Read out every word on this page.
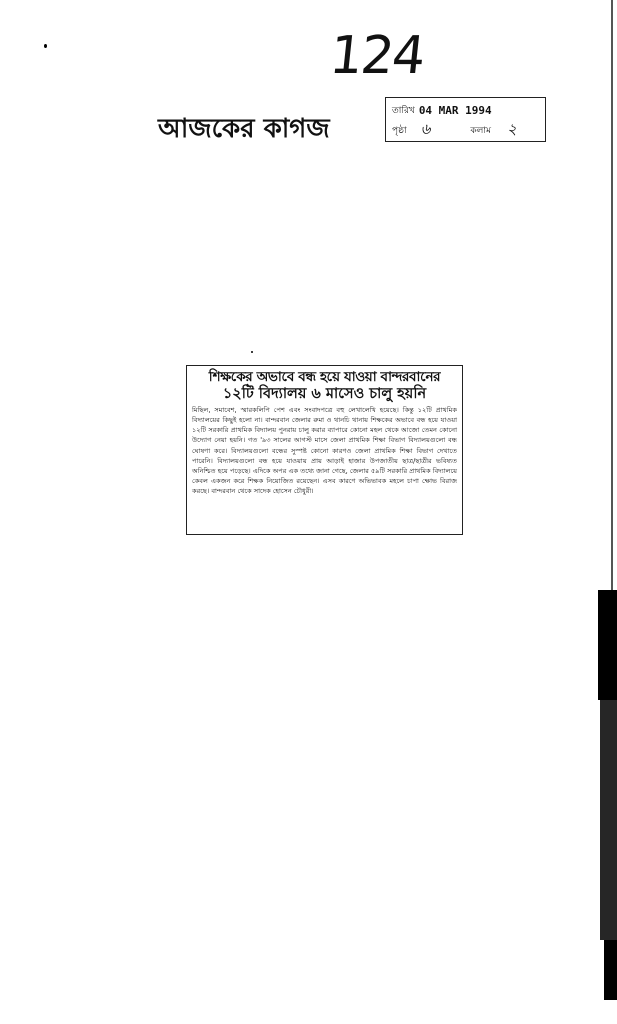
124
আজকের কাগজ
তারিখ 04 MAR 1994
পৃষ্ঠা ৬	কলাম ২
শিক্ষকের অভাবে বন্ধ হয়ে যাওয়া বান্দরবানের
১২টি বিদ্যালয় ৬ মাসেও চালু হয়নি
মিছিল, সমাবেশ, স্মারকলিপি পেশ এবং সংবাদপত্রে বহু লেখালেখি হয়েছে। কিন্তু ১২টি প্রাথমিক বিদ্যালয়ের কিছুই হলো না। বান্দরবান জেলার রুমা ও থানচি থানায় শিক্ষকের অভাবে বন্ধ হয়ে যাওয়া ১২টি সরকারি প্রাথমিক বিদ্যালয় পুনরায় চালু করার ব্যাপারে কোনো মহল থেকে আজো তেমন কোনো উদ্যোগ নেয়া হয়নি। গত '৯৩ সালের আগস্ট মাসে জেলা প্রাথমিক শিক্ষা বিভাগ বিদ্যালয়গুলো বন্ধ ঘোষণা করে। বিদ্যালয়গুলো বন্ধের সুস্পষ্ট কোনো কারণও জেলা প্রাথমিক শিক্ষা বিভাগ দেখাতে পারেনি। বিদ্যালয়গুলো বন্ধ হয়ে যাওয়ায় প্রায় আড়াই হাজার উপজাতীয় ছাত্র/ছাত্রীর ভবিষ্যত অনিশ্চিত হয়ে পড়েছে। এদিকে অপর এক তথ্যে জানা গেছে, জেলার ৫৯টি সরকারি প্রাথমিক বিদ্যালয়ে কেবল একজন করে শিক্ষক নিয়োজিত রয়েছেন। এসব কারণে অভিভাবক মহলে চাপা ক্ষোভ বিরাজ করছে। বান্দরবান থেকে সাদেক হোসেন চৌধুরী।
